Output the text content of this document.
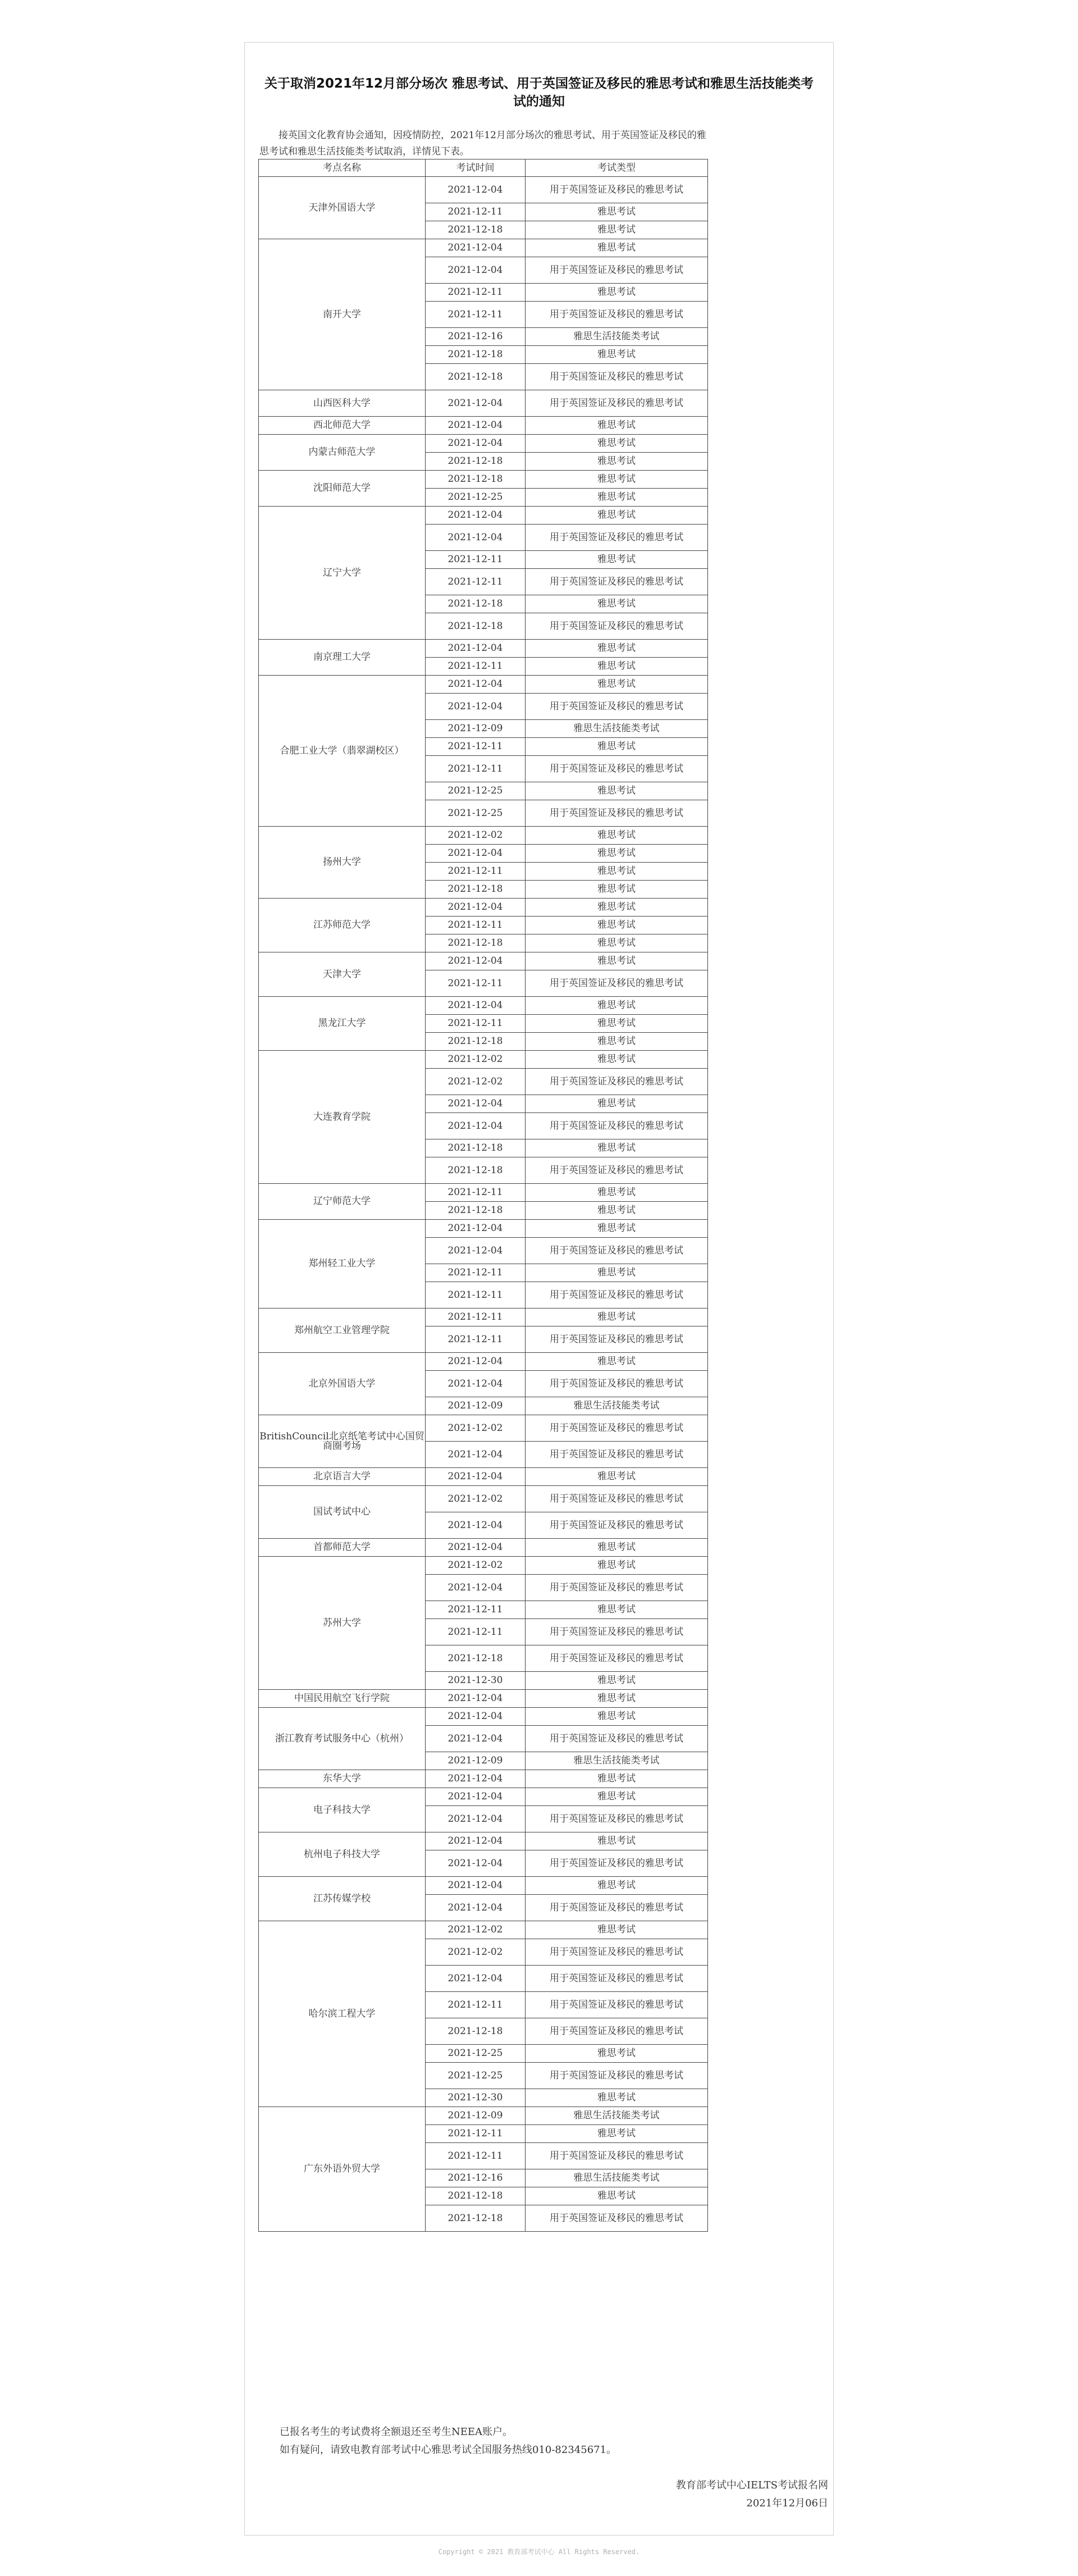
关于取消2021年12月部分场次 雅思考试、用于英国签证及移民的雅思考试和雅思生活技能类考试的通知

接英国文化教育协会通知，因疫情防控，2021年12月部分场次的雅思考试、用于英国签证及移民的雅思考试和雅思生活技能类考试取消，详情见下表。

考点名称	考试时间	考试类型
天津外国语大学	2021-12-04	用于英国签证及移民的雅思考试
	2021-12-11	雅思考试
	2021-12-18	雅思考试
南开大学	2021-12-04	雅思考试
	2021-12-04	用于英国签证及移民的雅思考试
	2021-12-11	雅思考试
	2021-12-11	用于英国签证及移民的雅思考试
	2021-12-16	雅思生活技能类考试
	2021-12-18	雅思考试
	2021-12-18	用于英国签证及移民的雅思考试
山西医科大学	2021-12-04	用于英国签证及移民的雅思考试
西北师范大学	2021-12-04	雅思考试
内蒙古师范大学	2021-12-04	雅思考试
	2021-12-18	雅思考试
沈阳师范大学	2021-12-18	雅思考试
	2021-12-25	雅思考试
辽宁大学	2021-12-04	雅思考试
	2021-12-04	用于英国签证及移民的雅思考试
	2021-12-11	雅思考试
	2021-12-11	用于英国签证及移民的雅思考试
	2021-12-18	雅思考试
	2021-12-18	用于英国签证及移民的雅思考试
南京理工大学	2021-12-04	雅思考试
	2021-12-11	雅思考试
合肥工业大学（翡翠湖校区）	2021-12-04	雅思考试
	2021-12-04	用于英国签证及移民的雅思考试
	2021-12-09	雅思生活技能类考试
	2021-12-11	雅思考试
	2021-12-11	用于英国签证及移民的雅思考试
	2021-12-25	雅思考试
	2021-12-25	用于英国签证及移民的雅思考试
扬州大学	2021-12-02	雅思考试
	2021-12-04	雅思考试
	2021-12-11	雅思考试
	2021-12-18	雅思考试
江苏师范大学	2021-12-04	雅思考试
	2021-12-11	雅思考试
	2021-12-18	雅思考试
天津大学	2021-12-04	雅思考试
	2021-12-11	用于英国签证及移民的雅思考试
黑龙江大学	2021-12-04	雅思考试
	2021-12-11	雅思考试
	2021-12-18	雅思考试
大连教育学院	2021-12-02	雅思考试
	2021-12-02	用于英国签证及移民的雅思考试
	2021-12-04	雅思考试
	2021-12-04	用于英国签证及移民的雅思考试
	2021-12-18	雅思考试
	2021-12-18	用于英国签证及移民的雅思考试
辽宁师范大学	2021-12-11	雅思考试
	2021-12-18	雅思考试
郑州轻工业大学	2021-12-04	雅思考试
	2021-12-04	用于英国签证及移民的雅思考试
	2021-12-11	雅思考试
	2021-12-11	用于英国签证及移民的雅思考试
郑州航空工业管理学院	2021-12-11	雅思考试
	2021-12-11	用于英国签证及移民的雅思考试
北京外国语大学	2021-12-04	雅思考试
	2021-12-04	用于英国签证及移民的雅思考试
	2021-12-09	雅思生活技能类考试
BritishCouncil北京纸笔考试中心国贸商圈考场	2021-12-02	用于英国签证及移民的雅思考试
	2021-12-04	用于英国签证及移民的雅思考试
北京语言大学	2021-12-04	雅思考试
国试考试中心	2021-12-02	用于英国签证及移民的雅思考试
	2021-12-04	用于英国签证及移民的雅思考试
首都师范大学	2021-12-04	雅思考试
苏州大学	2021-12-02	雅思考试
	2021-12-04	用于英国签证及移民的雅思考试
	2021-12-11	雅思考试
	2021-12-11	用于英国签证及移民的雅思考试
	2021-12-18	用于英国签证及移民的雅思考试
	2021-12-30	雅思考试
中国民用航空飞行学院	2021-12-04	雅思考试
浙江教育考试服务中心（杭州）	2021-12-04	雅思考试
	2021-12-04	用于英国签证及移民的雅思考试
	2021-12-09	雅思生活技能类考试
东华大学	2021-12-04	雅思考试
电子科技大学	2021-12-04	雅思考试
	2021-12-04	用于英国签证及移民的雅思考试
杭州电子科技大学	2021-12-04	雅思考试
	2021-12-04	用于英国签证及移民的雅思考试
江苏传媒学校	2021-12-04	雅思考试
	2021-12-04	用于英国签证及移民的雅思考试
哈尔滨工程大学	2021-12-02	雅思考试
	2021-12-02	用于英国签证及移民的雅思考试
	2021-12-04	用于英国签证及移民的雅思考试
	2021-12-11	用于英国签证及移民的雅思考试
	2021-12-18	用于英国签证及移民的雅思考试
	2021-12-25	雅思考试
	2021-12-25	用于英国签证及移民的雅思考试
	2021-12-30	雅思考试
广东外语外贸大学	2021-12-09	雅思生活技能类考试
	2021-12-11	雅思考试
	2021-12-11	用于英国签证及移民的雅思考试
	2021-12-16	雅思生活技能类考试
	2021-12-18	雅思考试
	2021-12-18	用于英国签证及移民的雅思考试

已报名考生的考试费将全额退还至考生NEEA账户。

如有疑问，请致电教育部考试中心雅思考试全国服务热线010-82345671。

教育部考试中心IELTS考试报名网

2021年12月06日

Copyright © 2021 教育部考试中心 All Rights Reserved.
